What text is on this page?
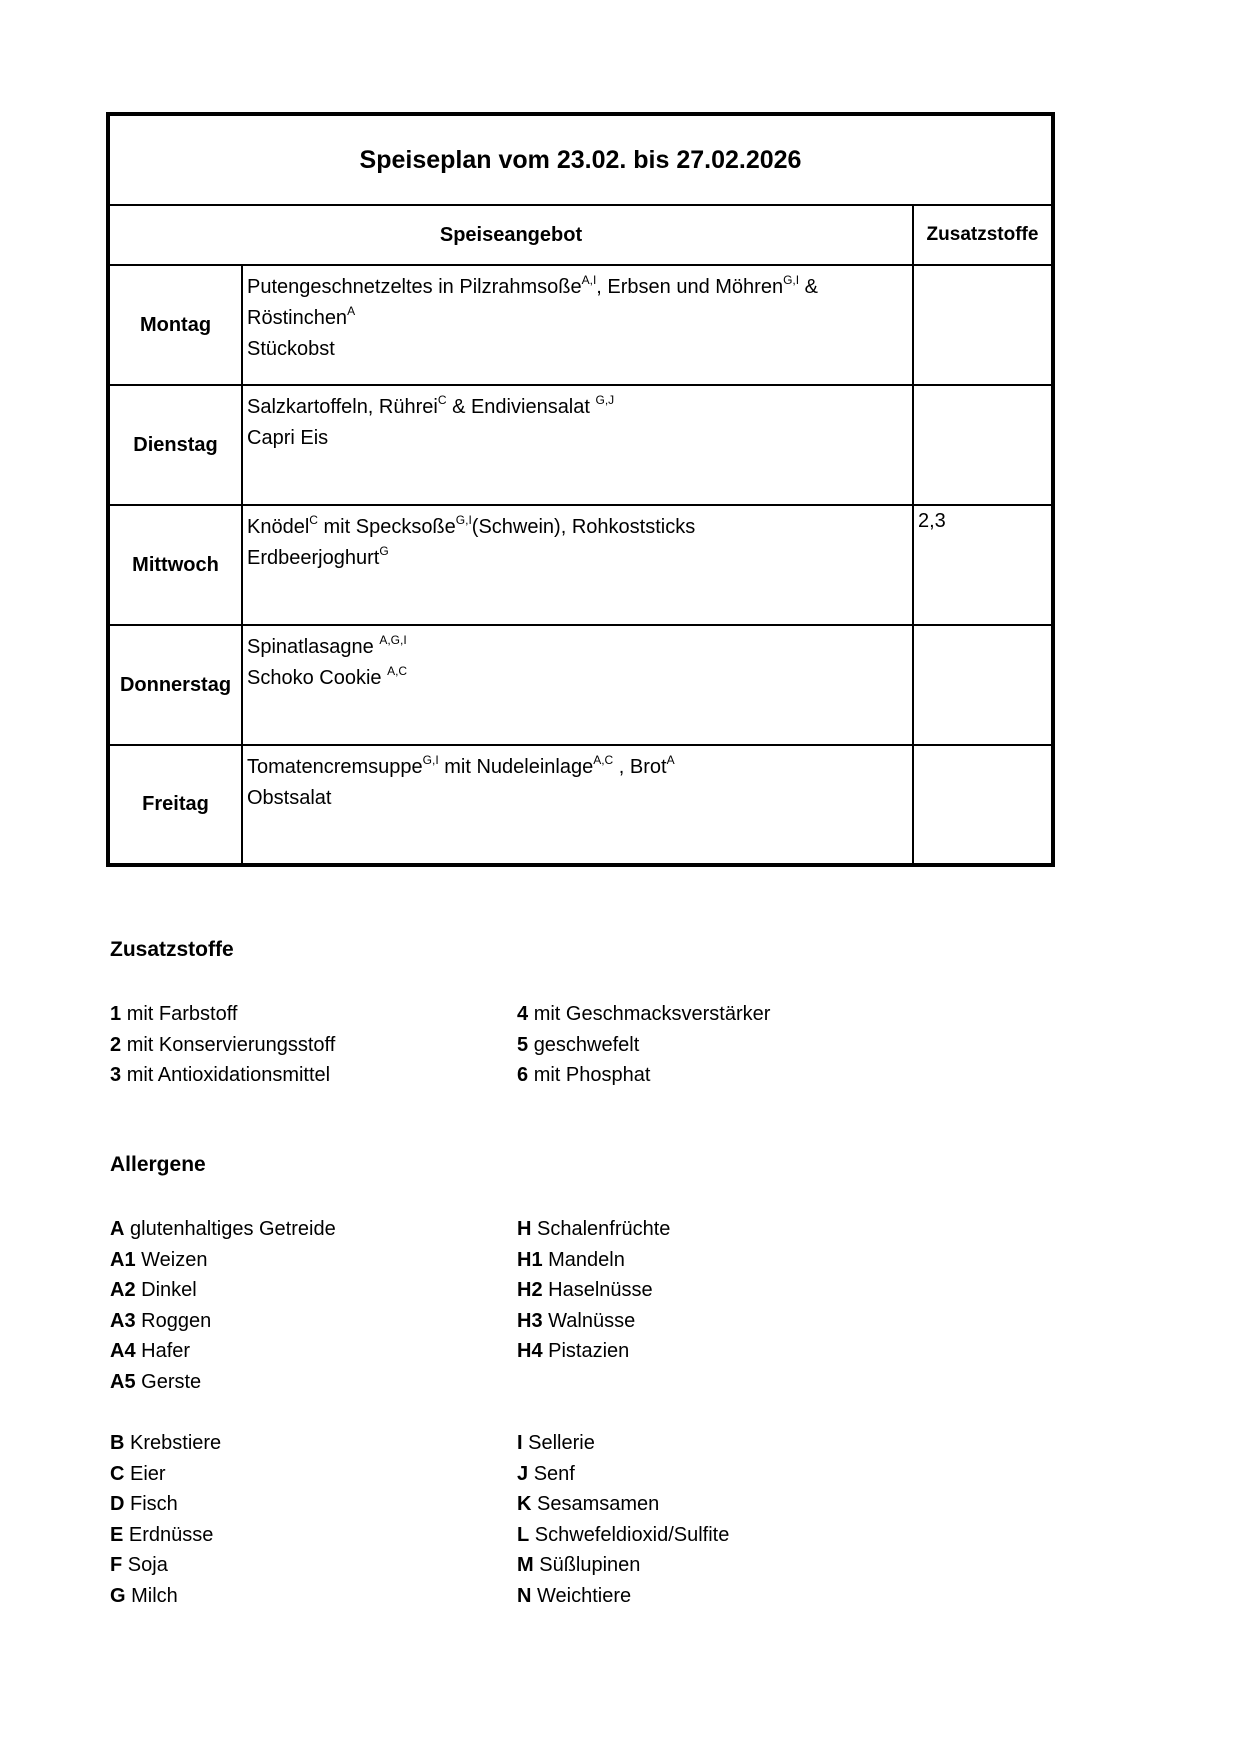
Speiseplan vom 23.02. bis 27.02.2026		
Speiseangebot		Zusatzstoffe
Montag	Putengeschnetzeltes in Pilzrahmsoße$^{A,I}$, Erbsen und Möhren$^{G,I}$ &
Röstinchen$^A$
Stückobst	

Dienstag	Salzkartoffeln, Rührei$^C$ & Endiviensalat $^{G,J}$
Capri Eis	

Mittwoch	Knödel$^C$ mit Specksoße$^{G,I}$(Schwein), Rohkoststicks
Erdbeerjoghurt$^G$	2,3
Donnerstag	Spinatlasagne $^{A,G,I}$
Schoko Cookie $^{A,C}$

Freitag	Tomatencremsuppe$^{G,I}$ mit Nudeleinlage$^{A,C}$ , Brot$^A$
Obstsalat	

Zusatzstoffe
1 mit Farbstoff
2 mit Konservierungsstoff
3 mit Antioxidationsmittel
4 mit Geschmacksverstärker
5 geschwefelt
6 mit Phosphat
Allergene
A glutenhaltiges Getreide
A1 Weizen
A2 Dinkel
A3 Roggen
A4 Hafer
A5 Gerste
H Schalenfrüchte
H1 Mandeln
H2 Haselnüsse
H3 Walnüsse
H4 Pistazien
B Krebstiere
C Eier
D Fisch
E Erdnüsse
F Soja
G Milch
I Sellerie
J Senf
K Sesamsamen
L Schwefeldioxid/Sulfite
M Süßlupinen
N Weichtiere
